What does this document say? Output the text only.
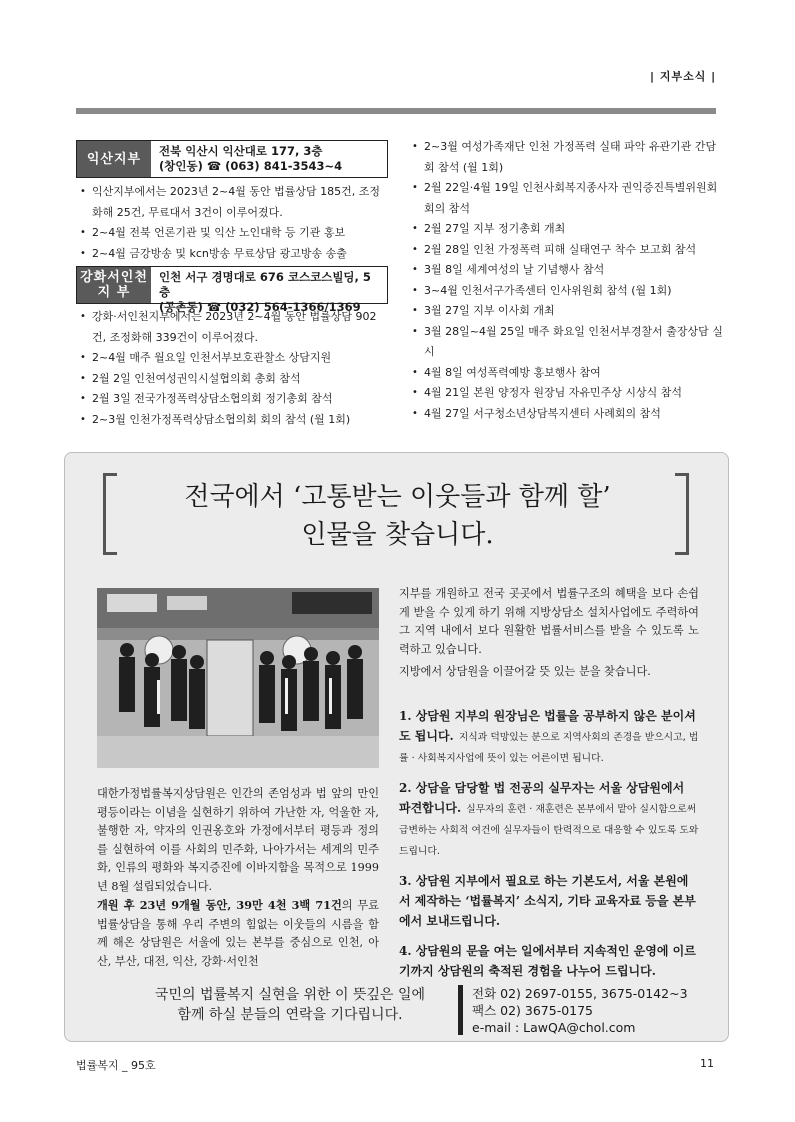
| 지부소식 |
익산지부
전북 익산시 익산대로 177, 3층
(창인동) ☎ (063) 841-3543~4
• 익산지부에서는 2023년 2~4월 동안 법률상담 185건, 조정화해 25건, 무료대서 3건이 이루어졌다.
• 2~4월 전북 언론기관 및 익산 노인대학 등 기관 홍보
• 2~4월 금강방송 및 kcn방송 무료상담 광고방송 송출
강화서인천
지 부
인천 서구 경명대로 676 코스코스빌딩, 5층
(공촌동) ☎ (032) 564-1366/1369
• 강화·서인천지부에서는 2023년 2~4월 동안 법률상담 902건, 조정화해 339건이 이루어졌다.
• 2~4월 매주 월요일 인천서부보호관찰소 상담지원
• 2월 2일 인천여성권익시설협의회 총회 참석
• 2월 3일 전국가정폭력상담소협의회 정기총회 참석
• 2~3월 인천가정폭력상담소협의회 회의 참석 (월 1회)
• 2~3월 여성가족재단 인천 가정폭력 실태 파악 유관기관 간담회 참석 (월 1회)
• 2월 22일·4월 19일 인천사회복지종사자 권익증진특별위원회 회의 참석
• 2월 27일 지부 정기총회 개최
• 2월 28일 인천 가정폭력 피해 실태연구 착수 보고회 참석
• 3월 8일 세계여성의 날 기념행사 참석
• 3~4월 인천서구가족센터 인사위원회 참석 (월 1회)
• 3월 27일 지부 이사회 개최
• 3월 28일~4월 25일 매주 화요일 인천서부경찰서 출장상담 실시
• 4월 8일 여성폭력예방 홍보행사 참여
• 4월 21일 본원 양정자 원장님 자유민주상 시상식 참석
• 4월 27일 서구청소년상담복지센터 사례회의 참석
전국에서 ‘고통받는 이웃들과 함께 할’
인물을 찾습니다.
대한가정법률복지상담원은 인간의 존엄성과 법 앞의 만인 평등이라는 이념을 실현하기 위하여 가난한 자, 억울한 자, 불행한 자, 약자의 인권옹호와 가정에서부터 평등과 정의를 실현하여 이를 사회의 민주화, 나아가서는 세계의 민주화, 인류의 평화와 복지증진에 이바지함을 목적으로 1999년 8월 설립되었습니다.
개원 후 23년 9개월 동안, 39만 4천 3백 71건의 무료 법률상담을 통해 우리 주변의 힘없는 이웃들의 시름을 함께 해온 상담원은 서울에 있는 본부를 중심으로 인천, 아산, 부산, 대전, 익산, 강화·서인천
지부를 개원하고 전국 곳곳에서 법률구조의 혜택을 보다 손쉽게 받을 수 있게 하기 위해 지방상담소 설치사업에도 주력하여 그 지역 내에서 보다 원활한 법률서비스를 받을 수 있도록 노력하고 있습니다.
지방에서 상담원을 이끌어갈 뜻 있는 분을 찾습니다.
1. 상담원 지부의 원장님은 법률을 공부하지 않은 분이셔도 됩니다. 지식과 덕망있는 분으로 지역사회의 존경을 받으시고, 법률 · 사회복지사업에 뜻이 있는 어른이면 됩니다.
2. 상담을 담당할 법 전공의 실무자는 서울 상담원에서 파견합니다. 실무자의 훈련 · 재훈련은 본부에서 맡아 실시함으로써 급변하는 사회적 여건에 실무자들이 탄력적으로 대응할 수 있도록 도와드립니다.
3. 상담원 지부에서 필요로 하는 기본도서, 서울 본원에서 제작하는 ‘법률복지’ 소식지, 기타 교육자료 등을 본부에서 보내드립니다.
4. 상담원의 문을 여는 일에서부터 지속적인 운영에 이르기까지 상담원의 축적된 경험을 나누어 드립니다.
국민의 법률복지 실현을 위한 이 뜻깊은 일에
함께 하실 분들의 연락을 기다립니다.
전화 02) 2697-0155, 3675-0142~3
팩스 02) 3675-0175
e-mail : LawQA@chol.com
법률복지 _ 95호	11
